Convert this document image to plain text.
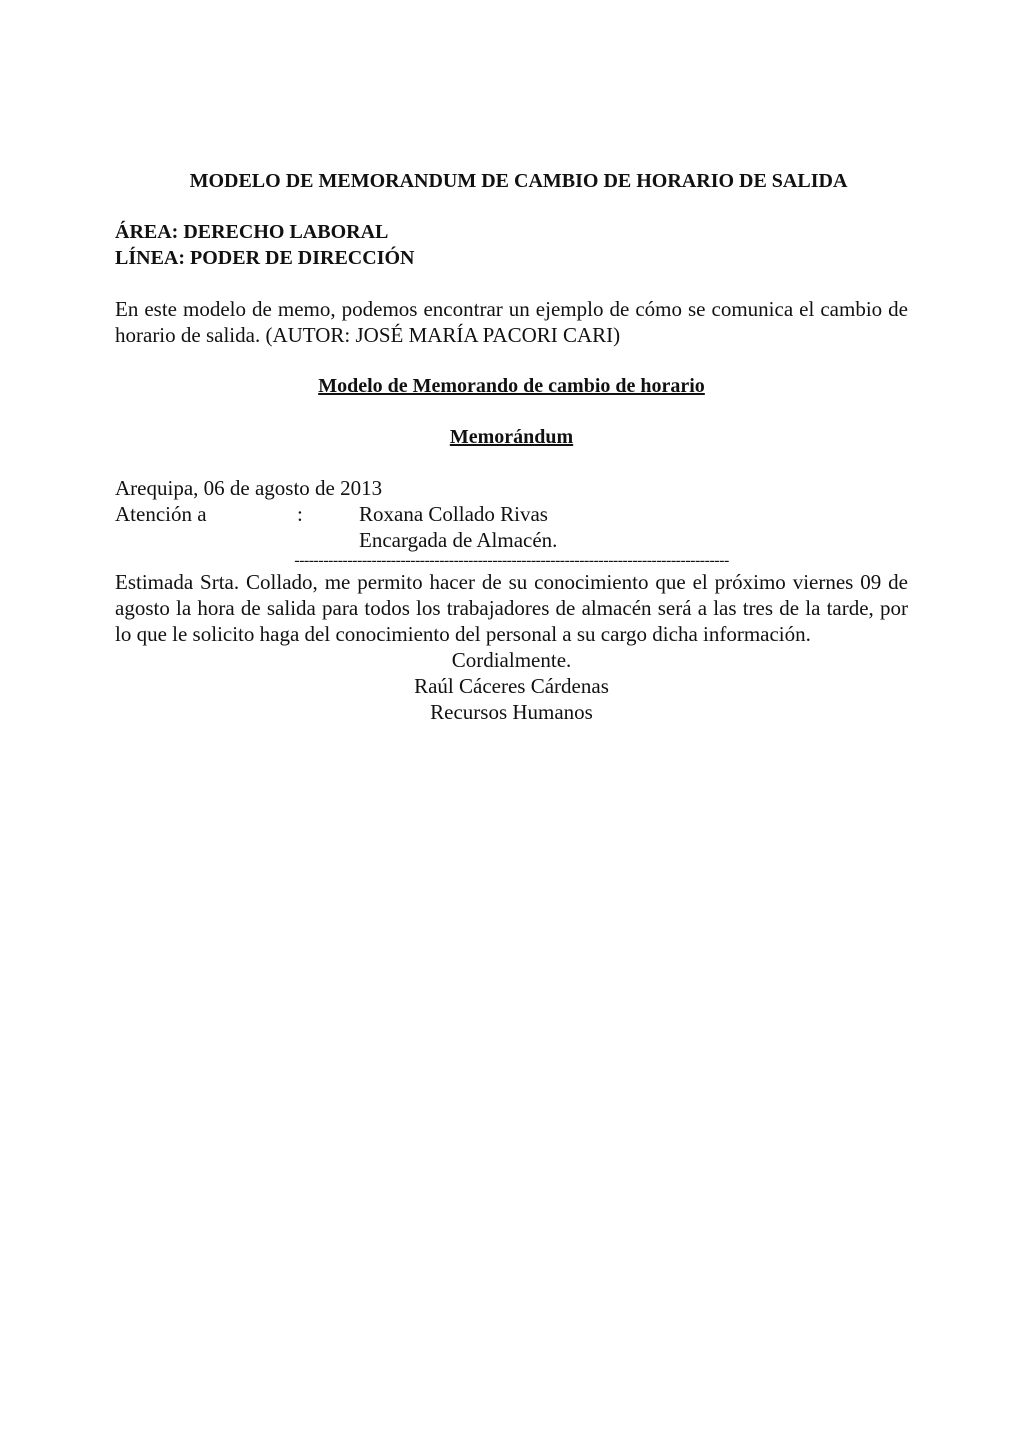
MODELO DE MEMORANDUM DE CAMBIO DE HORARIO DE SALIDA
ÁREA: DERECHO LABORAL
LÍNEA: PODER DE DIRECCIÓN
En este modelo de memo, podemos encontrar un ejemplo de cómo se comunica el cambio de horario de salida. (AUTOR: JOSÉ MARÍA PACORI CARI)
Modelo de Memorando de cambio de horario
Memorándum
Arequipa, 06 de agosto de 2013
Atención a	:	Roxana Collado Rivas
Encargada de Almacén.
------------------------------------------------------------------------------------------
Estimada Srta. Collado, me permito hacer de su conocimiento que el próximo viernes 09 de agosto la hora de salida para todos los trabajadores de almacén será a las tres de la tarde, por lo que le solicito haga del conocimiento del personal a su cargo dicha información.
Cordialmente.
Raúl Cáceres Cárdenas
Recursos Humanos
